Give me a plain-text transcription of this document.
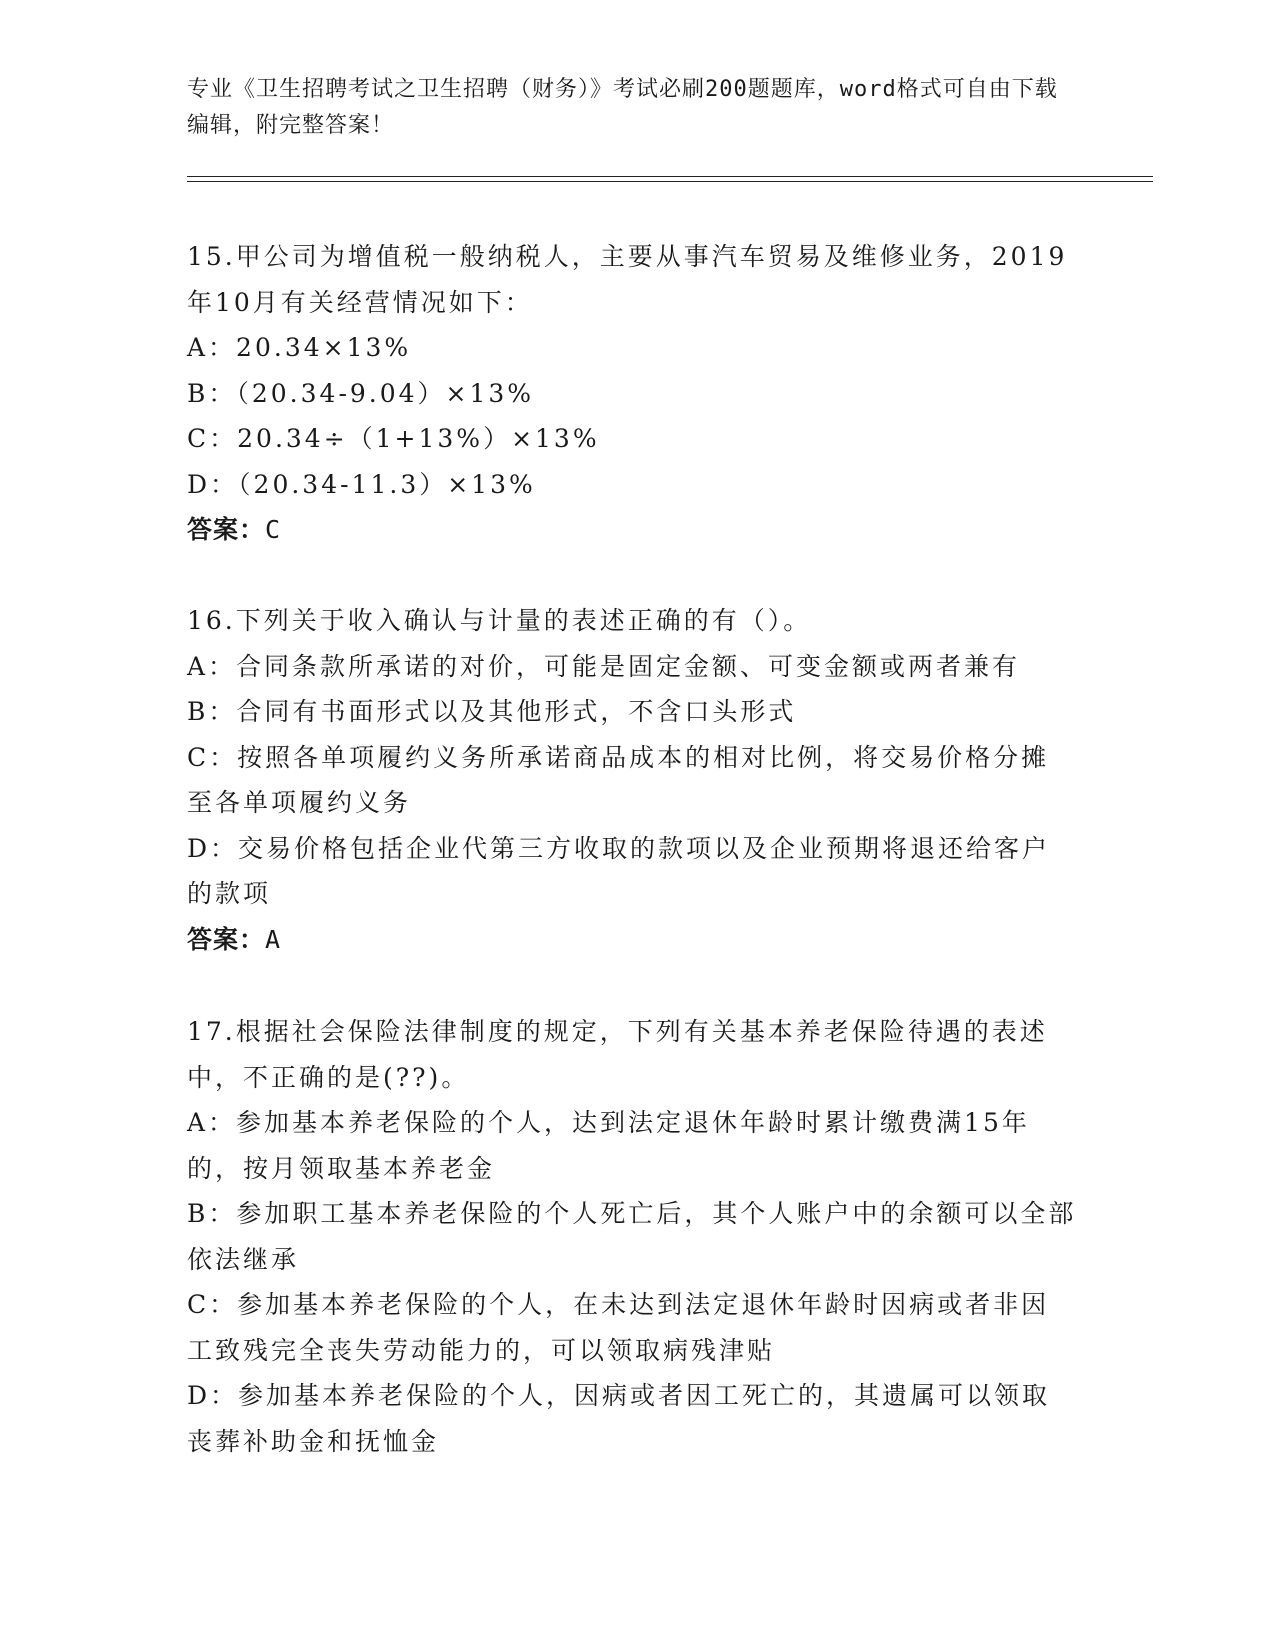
专业《卫生招聘考试之卫生招聘（财务）》考试必刷200题题库，word格式可自由下载编辑，附完整答案！

15.甲公司为增值税一般纳税人，主要从事汽车贸易及维修业务，2019年10月有关经营情况如下：

A：20.34×13%

B：（20.34-9.04）×13%

C：20.34÷（1+13%）×13%

D：（20.34-11.3）×13%

答案：C

16.下列关于收入确认与计量的表述正确的有（）。

A：合同条款所承诺的对价，可能是固定金额、可变金额或两者兼有

B：合同有书面形式以及其他形式，不含口头形式

C：按照各单项履约义务所承诺商品成本的相对比例，将交易价格分摊至各单项履约义务

D：交易价格包括企业代第三方收取的款项以及企业预期将退还给客户的款项

答案：A

17.根据社会保险法律制度的规定，下列有关基本养老保险待遇的表述中，不正确的是(??)。

A：参加基本养老保险的个人，达到法定退休年龄时累计缴费满15年的，按月领取基本养老金

B：参加职工基本养老保险的个人死亡后，其个人账户中的余额可以全部依法继承

C：参加基本养老保险的个人，在未达到法定退休年龄时因病或者非因工致残完全丧失劳动能力的，可以领取病残津贴

D：参加基本养老保险的个人，因病或者因工死亡的，其遗属可以领取丧葬补助金和抚恤金
